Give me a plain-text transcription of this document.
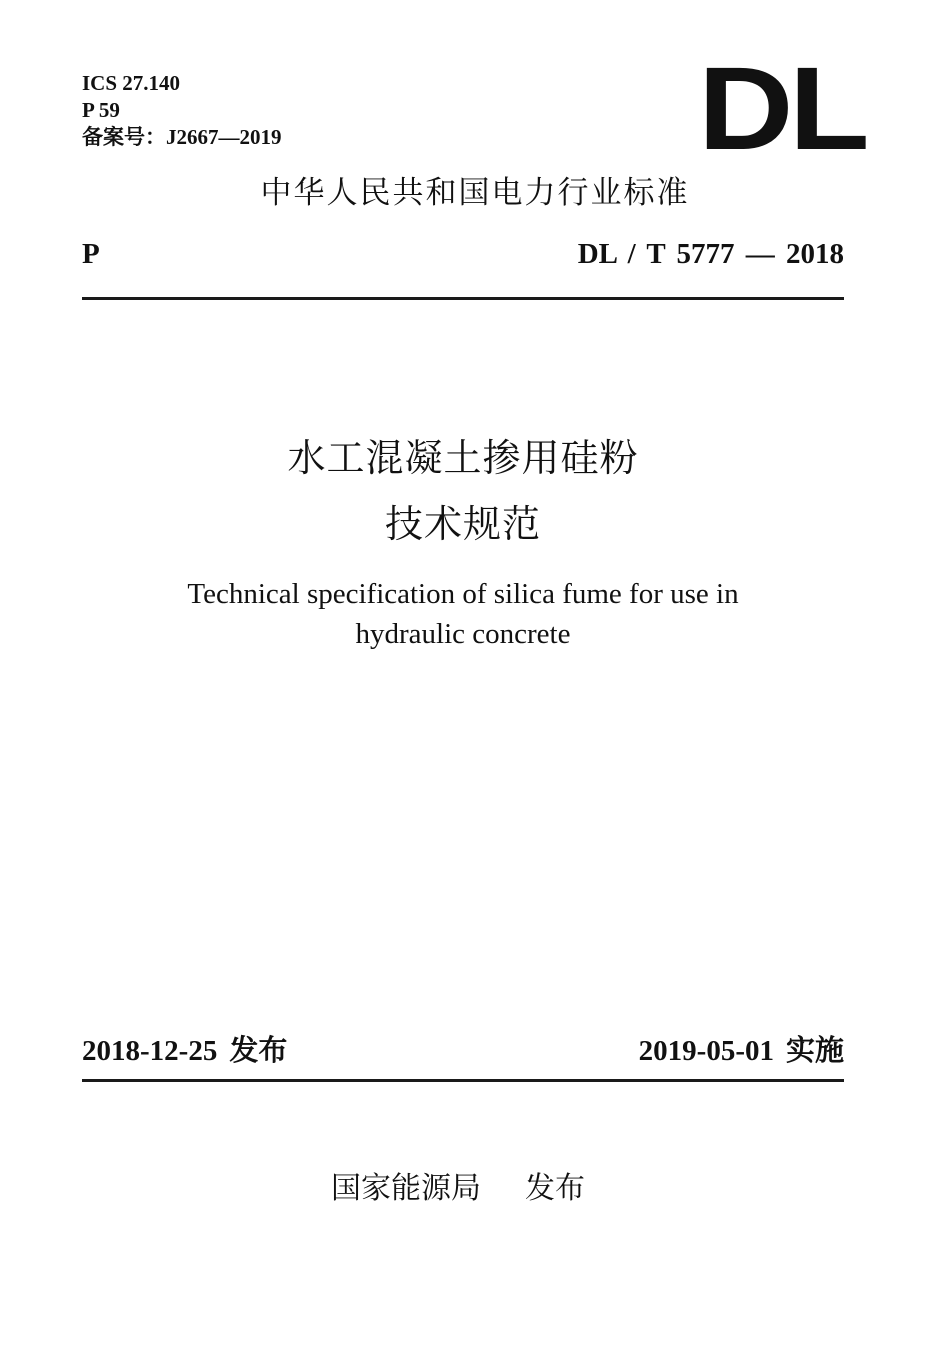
ICS 27.140
P 59
备案号：J2667—2019	DL
中华人民共和国电力行业标准
P	DL / T 5777 — 2018
水工混凝土掺用硅粉
技术规范
Technical specification of silica fume for use in
hydraulic concrete
2018-12-25 发布	2019-05-01 实施
国家能源局 发布
